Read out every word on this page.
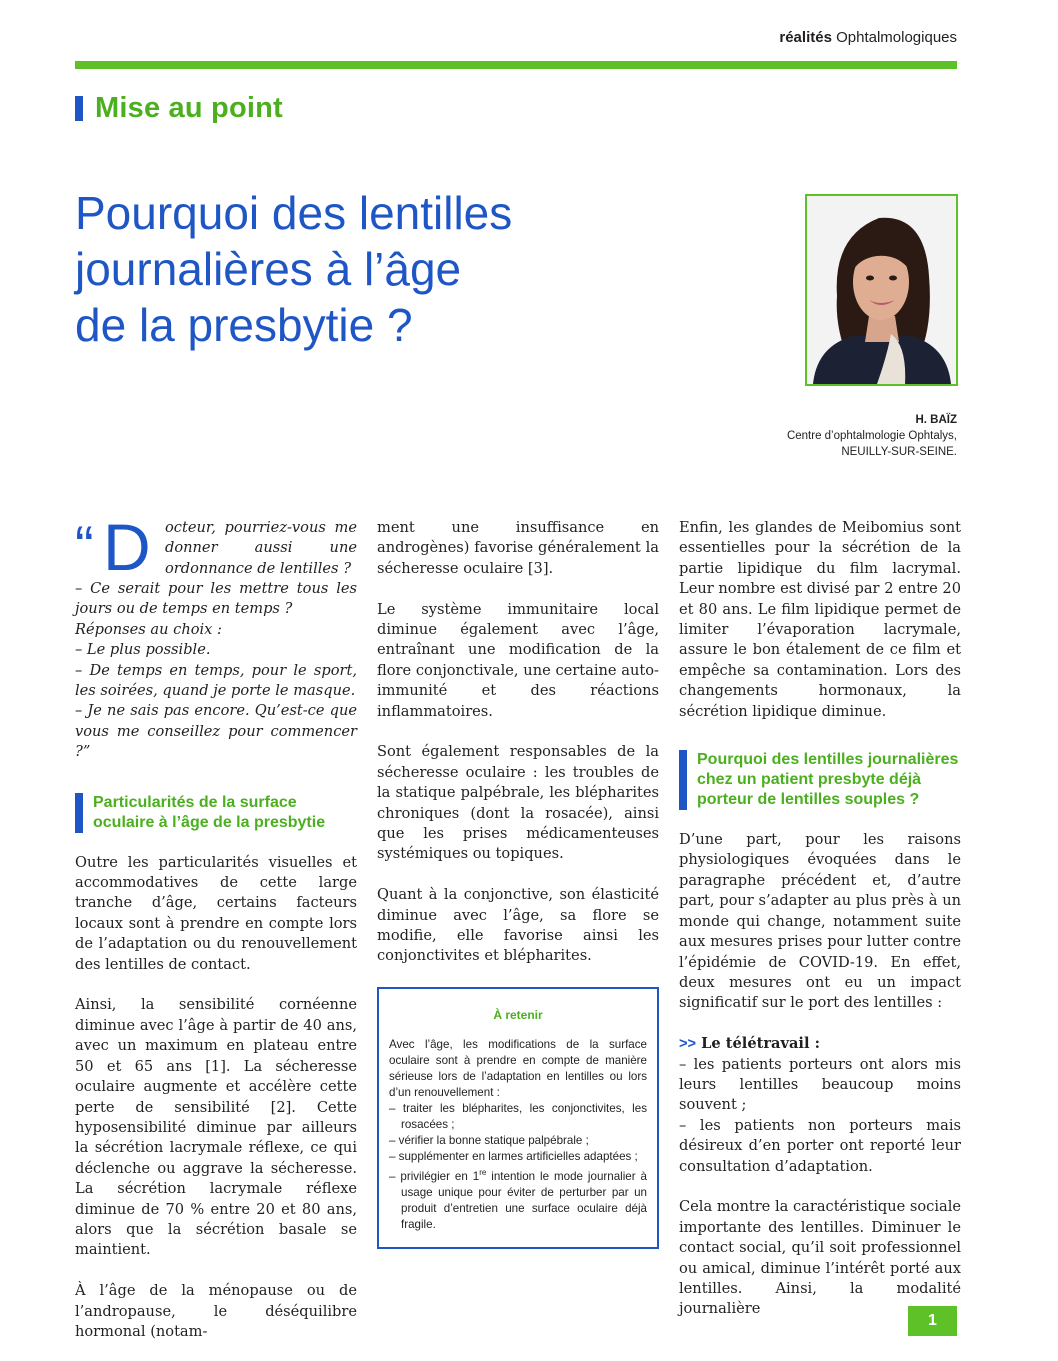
réalités Ophtalmologiques
Mise au point
Pourquoi des lentilles
journalières à l’âge
de la presbytie ?
H. BAÏZ
Centre d’ophtalmologie Ophtalys,
NEUILLY-SUR-SEINE.
“ D octeur, pourriez-vous me donner aussi une ordonnance de lentilles ?

– Ce serait pour les mettre tous les jours ou de temps en temps ?

Réponses au choix :

– Le plus possible.

– De temps en temps, pour le sport, les soirées, quand je porte le masque.

– Je ne sais pas encore. Qu’est-ce que vous me conseillez pour commencer ?”

Particularités de la surface oculaire à l’âge de la presbytie

Outre les particularités visuelles et accommodatives de cette large tranche d’âge, certains facteurs locaux sont à prendre en compte lors de l’adaptation ou du renouvellement des lentilles de contact.

Ainsi, la sensibilité cornéenne diminue avec l’âge à partir de 40 ans, avec un maximum en plateau entre 50 et 65 ans [1]. La sécheresse oculaire augmente et accélère cette perte de sensibilité [2]. Cette hyposensibilité diminue par ailleurs la sécrétion lacrymale réflexe, ce qui déclenche ou aggrave la sécheresse. La sécrétion lacrymale réflexe diminue de 70 % entre 20 et 80 ans, alors que la sécrétion basale se maintient.

À l’âge de la ménopause ou de l’andropause, le déséquilibre hormonal (notam-

ment une insuffisance en androgènes) favorise généralement la sécheresse oculaire [3].

Le système immunitaire local diminue également avec l’âge, entraînant une modification de la flore conjonctivale, une certaine auto-immunité et des réactions inflammatoires.

Sont également responsables de la sécheresse oculaire : les troubles de la statique palpébrale, les blépharites chroniques (dont la rosacée), ainsi que les prises médicamenteuses systémiques ou topiques.

Quant à la conjonctive, son élasticité diminue avec l’âge, sa flore se modifie, elle favorise ainsi les conjonctivites et blépharites.

À retenir
Avec l’âge, les modifications de la surface oculaire sont à prendre en compte de manière sérieuse lors de l’adaptation en lentilles ou lors d’un renouvellement :
– traiter les blépharites, les conjonctivites, les rosacées ;
– vérifier la bonne statique palpébrale ;
– supplémenter en larmes artificielles adaptées ;
– privilégier en 1re intention le mode journalier à usage unique pour éviter de perturber par un produit d’entretien une surface oculaire déjà fragile.

Enfin, les glandes de Meibomius sont essentielles pour la sécrétion de la partie lipidique du film lacrymal. Leur nombre est divisé par 2 entre 20 et 80 ans. Le film lipidique permet de limiter l’évaporation lacrymale, assure le bon étalement de ce film et empêche sa contamination. Lors des changements hormonaux, la sécrétion lipidique diminue.

Pourquoi des lentilles journalières chez un patient presbyte déjà porteur de lentilles souples ?

D’une part, pour les raisons physiologiques évoquées dans le paragraphe précédent et, d’autre part, pour s’adapter au plus près à un monde qui change, notamment suite aux mesures prises pour lutter contre l’épidémie de COVID-19. En effet, deux mesures ont eu un impact significatif sur le port des lentilles :

>> Le télétravail :

– les patients porteurs ont alors mis leurs lentilles beaucoup moins souvent ;

– les patients non porteurs mais désireux d’en porter ont reporté leur consultation d’adaptation.

Cela montre la caractéristique sociale importante des lentilles. Diminuer le contact social, qu’il soit professionnel ou amical, diminue l’intérêt porté aux lentilles. Ainsi, la modalité journalière

1
